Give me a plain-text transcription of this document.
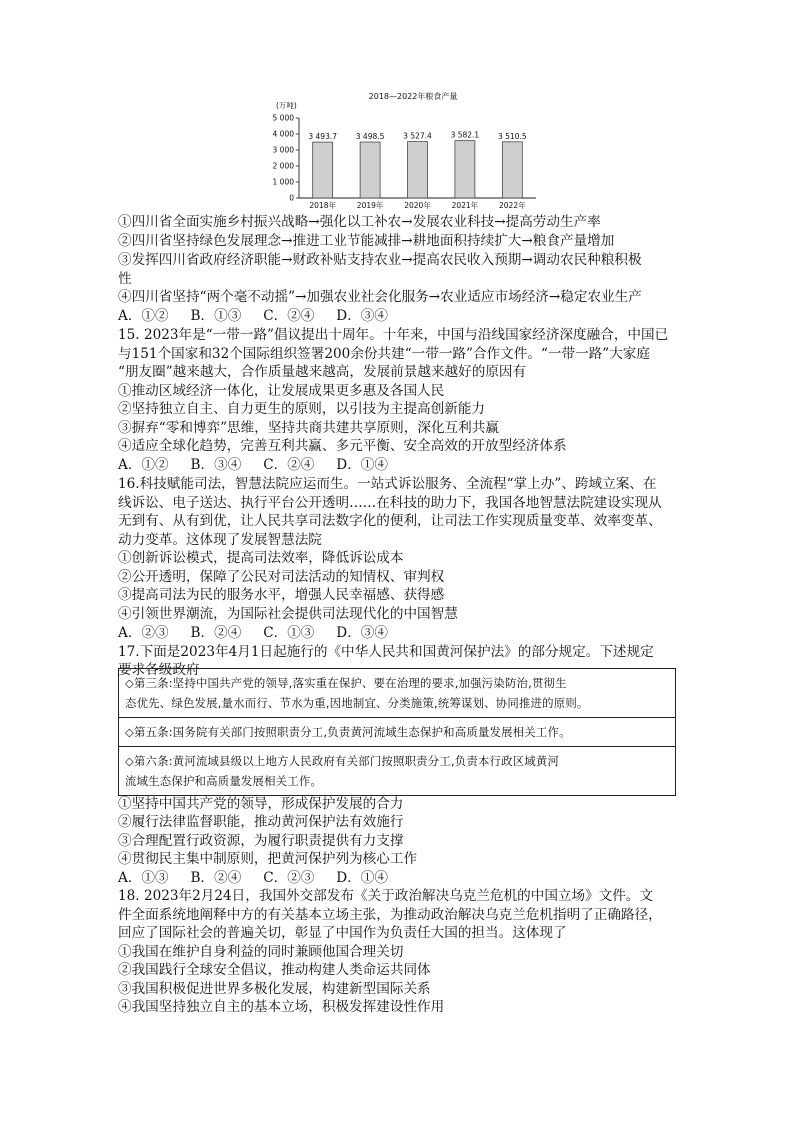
2018—2022年粮食产量
(万吨)
0
1 000
2 000
3 000
4 000
5 000
3 493.7
2018年
3 498.5
2019年
3 527.4
2020年
3 582.1
2021年
3 510.5
2022年
①四川省全面实施乡村振兴战略→强化以工补农→发展农业科技→提高劳动生产率
②四川省坚持绿色发展理念→推进工业节能减排→耕地面积持续扩大→粮食产量增加
③发挥四川省政府经济职能→财政补贴支持农业→提高农民收入预期→调动农民种粮积极
性
④四川省坚持“两个毫不动摇”→加强农业社会化服务→农业适应市场经济→稳定农业生产
A．①②　 B．①③　 C．②④　 D．③④
15. 2023年是“一带一路”倡议提出十周年。十年来，中国与沿线国家经济深度融合，中国已
与151个国家和32个国际组织签署200余份共建“一带一路”合作文件。“一带一路”大家庭
“朋友圈”越来越大，合作质量越来越高，发展前景越来越好的原因有
①推动区域经济一体化，让发展成果更多惠及各国人民
②坚持独立自主、自力更生的原则，以引技为主提高创新能力
③摒弃“零和博弈”思维，坚持共商共建共享原则，深化互利共赢
④适应全球化趋势，完善互利共赢、多元平衡、安全高效的开放型经济体系
A．①②　 B．③④　 C．②④　 D．①④
16.科技赋能司法，智慧法院应运而生。一站式诉讼服务、全流程“掌上办”、跨域立案、在
线诉讼、电子送达、执行平台公开透明……在科技的助力下，我国各地智慧法院建设实现从
无到有、从有到优，让人民共享司法数字化的便利，让司法工作实现质量变革、效率变革、
动力变革。这体现了发展智慧法院
①创新诉讼模式，提高司法效率，降低诉讼成本
②公开透明，保障了公民对司法活动的知情权、审判权
③提高司法为民的服务水平，增强人民幸福感、获得感
④引领世界潮流，为国际社会提供司法现代化的中国智慧
A．②③　 B．②④　 C．①③　 D．③④
17.下面是2023年4月1日起施行的《中华人民共和国黄河保护法》的部分规定。下述规定
要求各级政府
◇第三条:坚持中国共产党的领导,落实重在保护、要在治理的要求,加强污染防治,贯彻生
态优先、绿色发展,量水而行、节水为重,因地制宜、分类施策,统筹谋划、协同推进的原则。
◇第五条:国务院有关部门按照职责分工,负责黄河流域生态保护和高质量发展相关工作。
◇第六条:黄河流域县级以上地方人民政府有关部门按照职责分工,负责本行政区域黄河
流域生态保护和高质量发展相关工作。
①坚持中国共产党的领导，形成保护发展的合力
②履行法律监督职能，推动黄河保护法有效施行
③合理配置行政资源，为履行职责提供有力支撑
④贯彻民主集中制原则，把黄河保护列为核心工作
A．①③　 B．②④　 C．②③　 D．①④
18. 2023年2月24日，我国外交部发布《关于政治解决乌克兰危机的中国立场》文件。文
件全面系统地阐释中方的有关基本立场主张，为推动政治解决乌克兰危机指明了正确路径，
回应了国际社会的普遍关切，彰显了中国作为负责任大国的担当。这体现了
①我国在维护自身利益的同时兼顾他国合理关切
②我国践行全球安全倡议，推动构建人类命运共同体
③我国积极促进世界多极化发展，构建新型国际关系
④我国坚持独立自主的基本立场，积极发挥建设性作用
